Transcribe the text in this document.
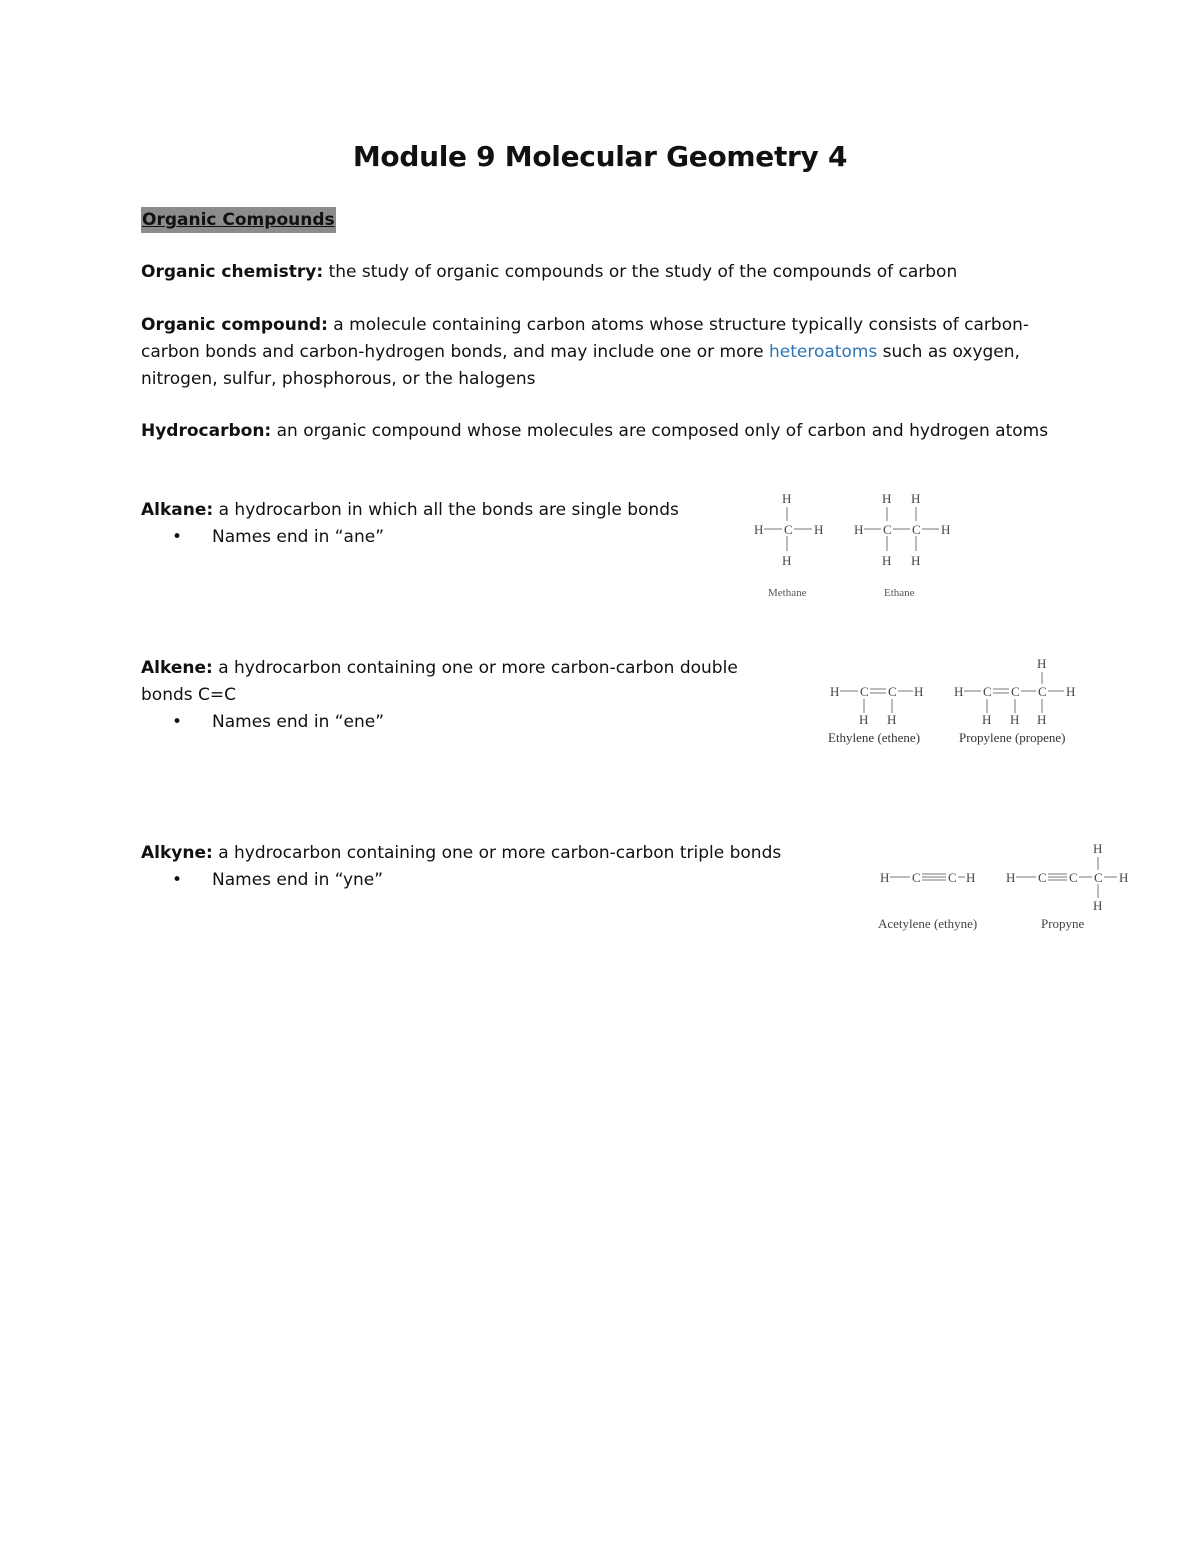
Module 9 Molecular Geometry 4
Organic Compounds
Organic chemistry: the study of organic compounds or the study of the compounds of carbon
Organic compound: a molecule containing carbon atoms whose structure typically consists of carbon-
carbon bonds and carbon-hydrogen bonds, and may include one or more heteroatoms such as oxygen,
nitrogen, sulfur, phosphorous, or the halogens
Hydrocarbon: an organic compound whose molecules are composed only of carbon and hydrogen atoms
Alkane: a hydrocarbon in which all the bonds are single bonds
• Names end in “ane”
H
H C H
H
H H
H C C H
H H
Methane	Ethane
Alkene: a hydrocarbon containing one or more carbon-carbon double
bonds C=C
• Names end in “ene”
H C C H
H H
H
H C C C H
H H H
Ethylene (ethene)	Propylene (propene)
Alkyne: a hydrocarbon containing one or more carbon-carbon triple bonds
• Names end in “yne”	H C C H
H
H C C C H
H
Acetylene (ethyne)	Propyne
